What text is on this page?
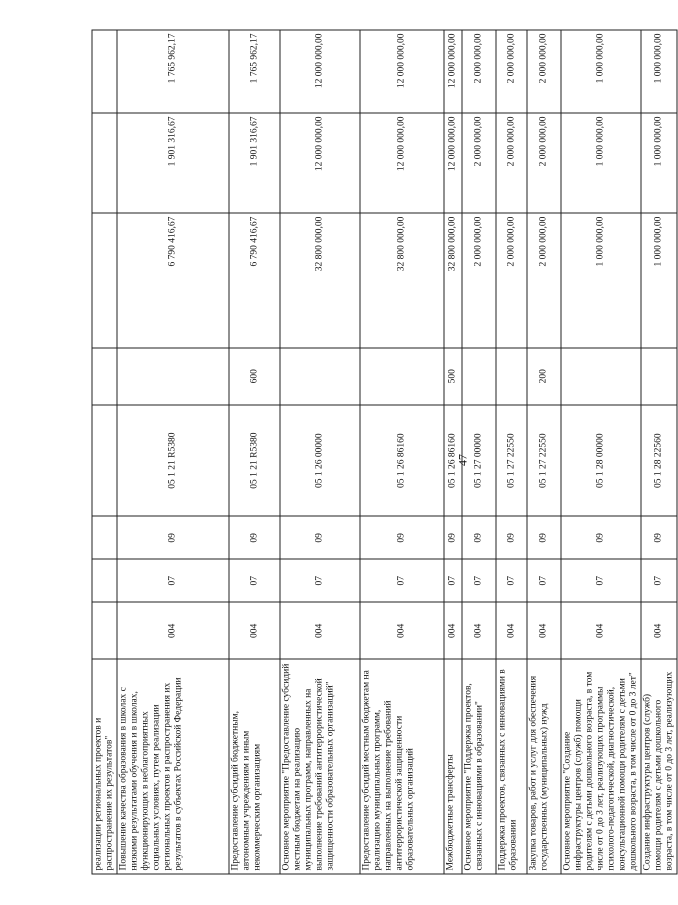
47
реализации региональных проектов и распространение их результатов"								
Повышение качества образования в школах с низкими результатами обучения и в школах, функционирующих в неблагоприятных социальных условиях, путем реализации региональных проектов и распространения их результатов в субъектах Российской Федерации	004	07	09	05 1 21 R5380		6 790 416,67	1 901 316,67	1 765 962,17
Предоставление субсидий бюджетным, автономным учреждениям и иным некоммерческим организациям	004	07	09	05 1 21 R5380	600	6 790 416,67	1 901 316,67	1 765 962,17
Основное мероприятие "Предоставление субсидий местным бюджетам на реализацию муниципальных программ, направленных на выполнение требований антитеррористической защищенности образовательных организаций"	004	07	09	05 1 26 00000		32 800 000,00	12 000 000,00	12 000 000,00
Предоставление субсидий местным бюджетам на реализацию муниципальных программ, направленных на выполнение требований антитеррористической защищенности образовательных организаций	004	07	09	05 1 26 86160		32 800 000,00	12 000 000,00	12 000 000,00
Межбюджетные трансферты	004	07	09	05 1 26 86160	500	32 800 000,00	12 000 000,00	12 000 000,00
Основное мероприятие "Поддержка проектов, связанных с инновациями в образовании"	004	07	09	05 1 27 00000		2 000 000,00	2 000 000,00	2 000 000,00
Поддержка проектов, связанных с инновациями в образовании	004	07	09	05 1 27 22550		2 000 000,00	2 000 000,00	2 000 000,00
Закупка товаров, работ и услуг для обеспечения государственных (муниципальных) нужд	004	07	09	05 1 27 22550	200	2 000 000,00	2 000 000,00	2 000 000,00
Основное мероприятие "Создание инфраструктуры центров (служб) помощи родителям с детьми дошкольного возраста, в том числе от 0 до 3 лет, реализующих программы психолого-педагогической, диагностической, консультационной помощи родителям с детьми дошкольного возраста, в том числе от 0 до 3 лет"	004	07	09	05 1 28 00000		1 000 000,00	1 000 000,00	1 000 000,00
Создание инфраструктуры центров (служб) помощи родителям с детьми дошкольного возраста, в том числе от 0 до 3 лет, реализующих	004	07	09	05 1 28 22560		1 000 000,00	1 000 000,00	1 000 000,00
